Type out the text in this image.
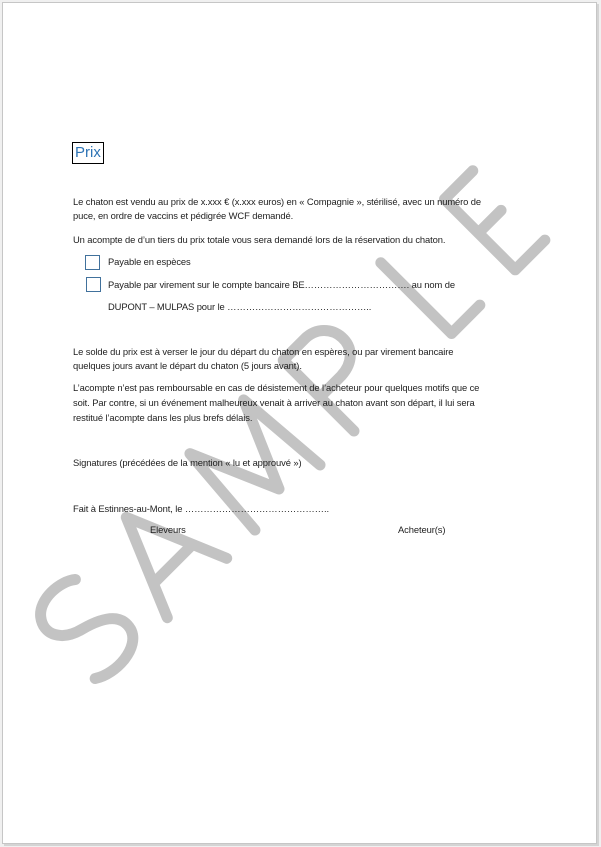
Prix
Le chaton est vendu au prix de x.xxx € (x.xxx euros) en « Compagnie », stérilisé, avec un numéro de
puce, en ordre de vaccins et pédigrée WCF demandé.
Un acompte de d’un tiers du prix totale vous sera demandé lors de la réservation du chaton.
Payable en espèces
Payable par virement sur le compte bancaire BE……………………………. au nom de
DUPONT – MULPAS pour le ………………………………………..
Le solde du prix est à verser le jour du départ du chaton en espères, ou par virement bancaire
quelques jours avant le départ du chaton (5 jours avant).
L’acompte n’est pas remboursable en cas de désistement de l’acheteur pour quelques motifs que ce
soit. Par contre, si un événement malheureux venait à arriver au chaton avant son départ, il lui sera
restitué l’acompte dans les plus brefs délais.
Signatures (précédées de la mention « lu et approuvé »)
Fait à Estinnes-au-Mont, le ………………………………………..
Eleveurs	Acheteur(s)
